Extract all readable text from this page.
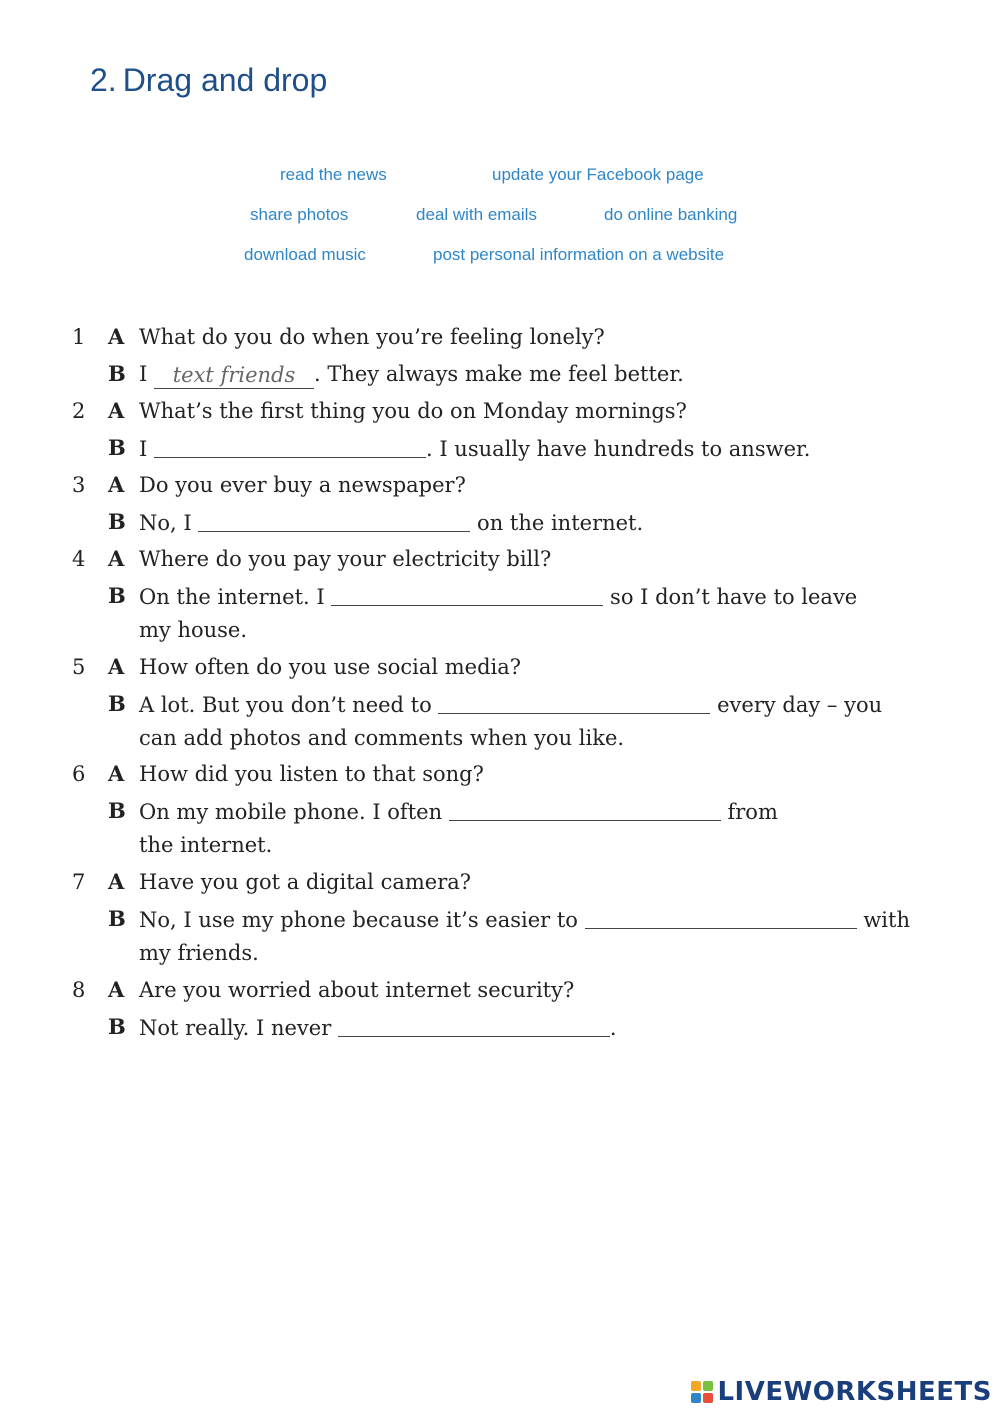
2. Drag and drop
read the news	update your Facebook page
share photos	deal with emails	do online banking
download music	post personal information on a website
1	A What do you do when you’re feeling lonely?
B I text friends . They always make me feel better.
2	A What’s the first thing you do on Monday mornings?
B I	. I usually have hundreds to answer.
3	A Do you ever buy a newspaper?
B No, I	on the internet.
4	A Where do you pay your electricity bill?
B On the internet. I	so I don’t have to leave
my house.
5	A How often do you use social media?
B A lot. But you don’t need to	every day – you
can add photos and comments when you like.
6	A How did you listen to that song?
B On my mobile phone. I often	from
the internet.
7	A Have you got a digital camera?
B No, I use my phone because it’s easier to	with
my friends.
8	A Are you worried about internet security?
B Not really. I never	.
LIVEWORKSHEETS
